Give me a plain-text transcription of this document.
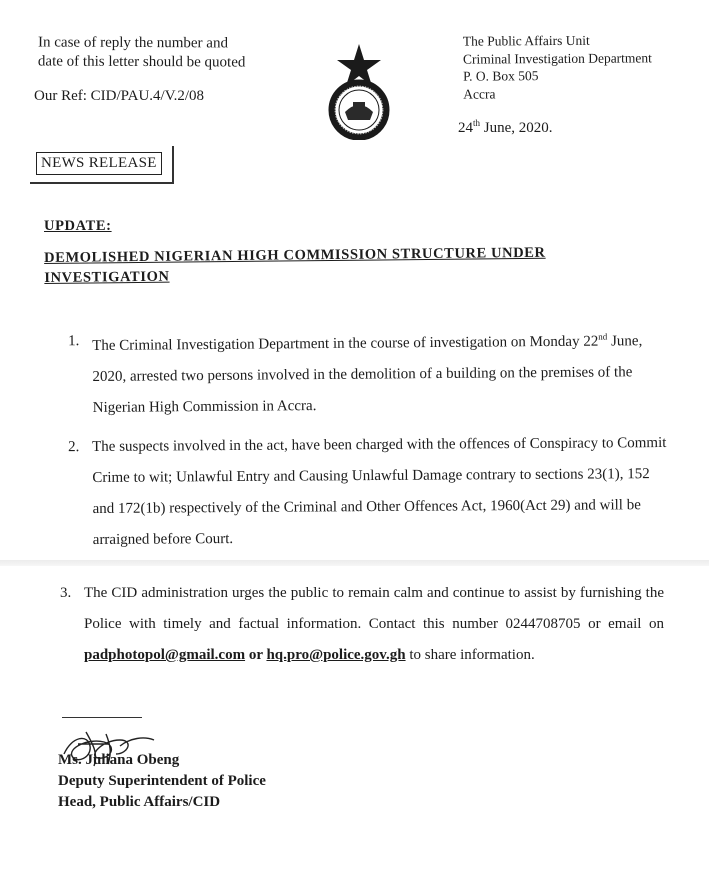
In case of reply the number and
date of this letter should be quoted
Our Ref: CID/PAU.4/V.2/08
The Public Affairs Unit
Criminal Investigation Department
P. O. Box 505
Accra
24th June, 2020.
NEWS RELEASE
UPDATE:
DEMOLISHED NIGERIAN HIGH COMMISSION STRUCTURE UNDER INVESTIGATION
1. The Criminal Investigation Department in the course of investigation on Monday 22nd June, 2020, arrested two persons involved in the demolition of a building on the premises of the Nigerian High Commission in Accra.
2. The suspects involved in the act, have been charged with the offences of Conspiracy to Commit Crime to wit; Unlawful Entry and Causing Unlawful Damage contrary to sections 23(1), 152 and 172(1b) respectively of the Criminal and Other Offences Act, 1960(Act 29) and will be arraigned before Court.
3. The CID administration urges the public to remain calm and continue to assist by furnishing the Police with timely and factual information. Contact this number 0244708705 or email on padphotopol@gmail.com or hq.pro@police.gov.gh to share information.
Ms. Juliana Obeng
Deputy Superintendent of Police
Head, Public Affairs/CID
